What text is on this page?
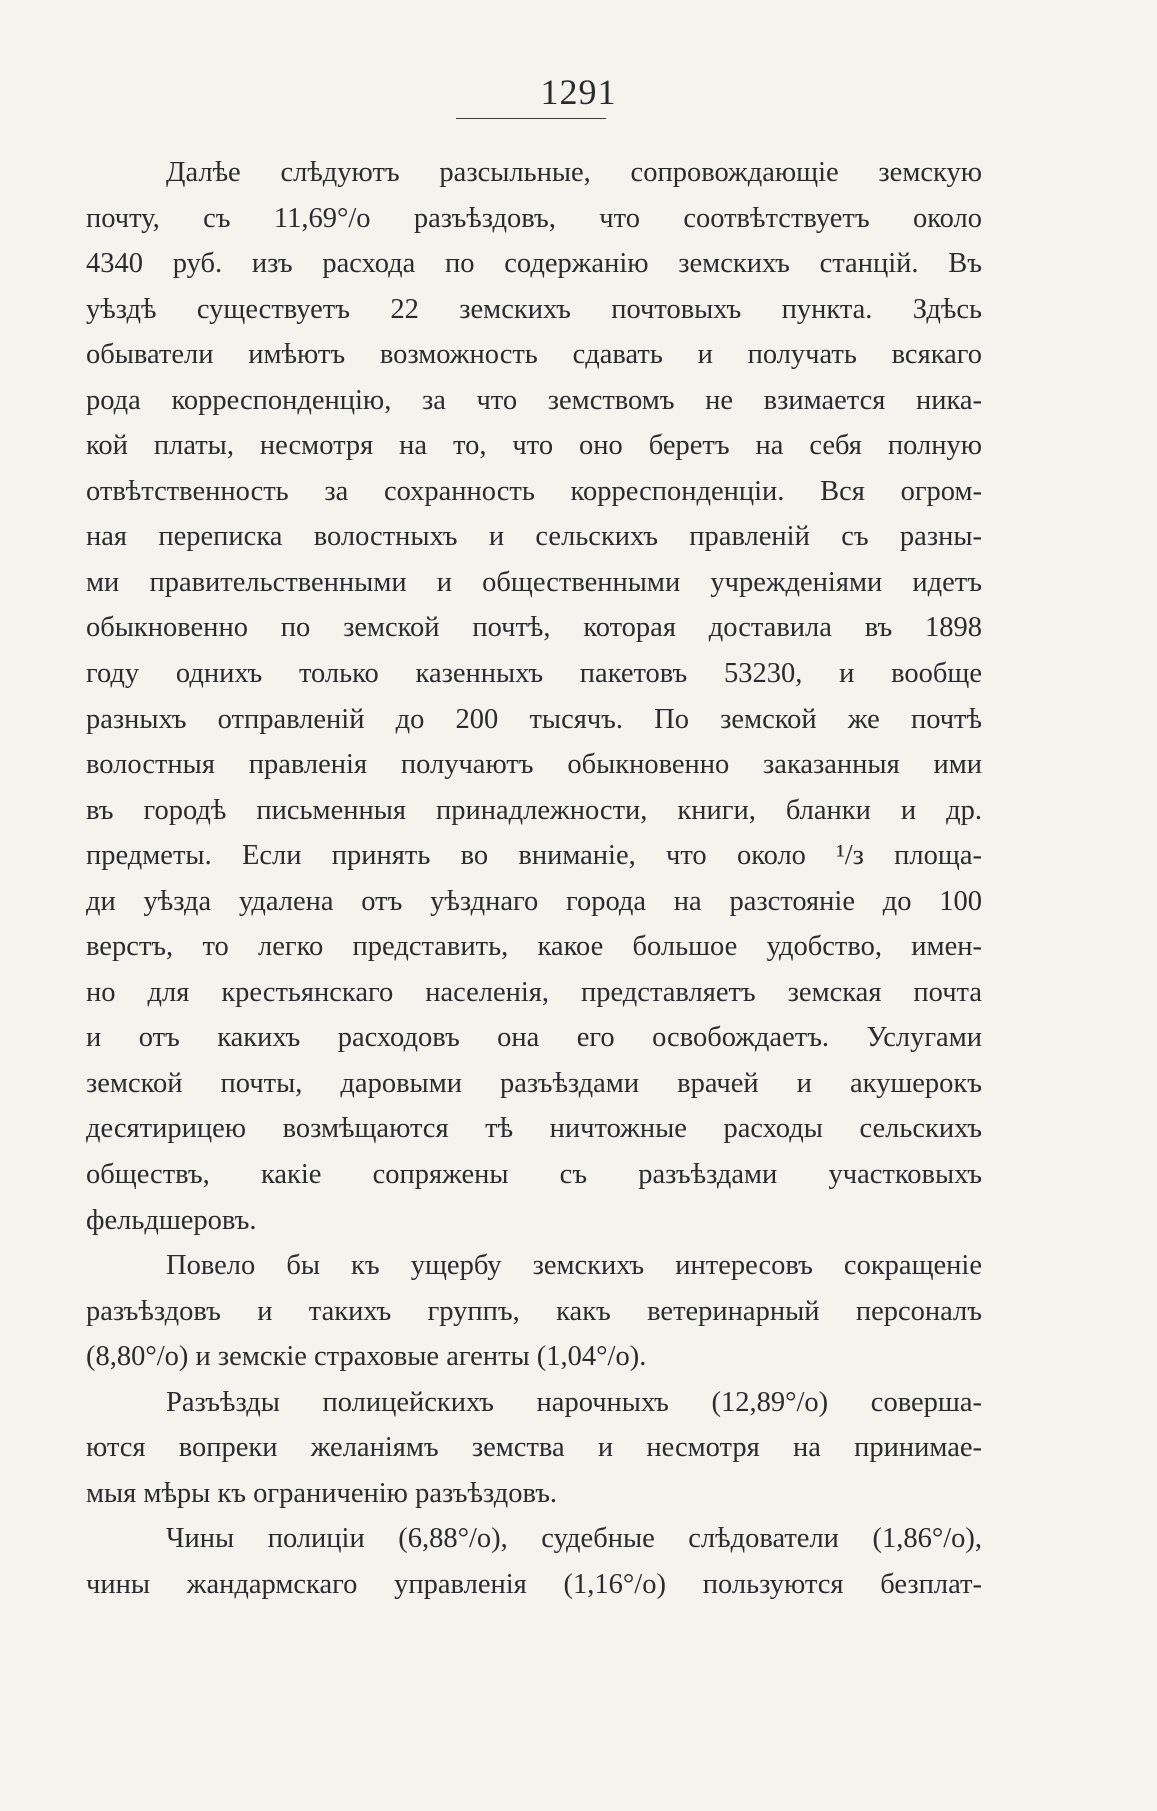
1291
Далѣе слѣдуютъ разсыльные, сопровождающіе земскую
почту, съ 11,69°/о разъѣздовъ, что соотвѣтствуетъ около
4340 руб. изъ расхода по содержанію земскихъ станцій. Въ
уѣздѣ существуетъ 22 земскихъ почтовыхъ пункта. Здѣсь
обыватели имѣютъ возможность сдавать и получать всякаго
рода корреспонденцію, за что земствомъ не взимается ника-
кой платы, несмотря на то, что оно беретъ на себя полную
отвѣтственность за сохранность корреспонденціи. Вся огром-
ная переписка волостныхъ и сельскихъ правленій съ разны-
ми правительственными и общественными учрежденіями идетъ
обыкновенно по земской почтѣ, которая доставила въ 1898
году однихъ только казенныхъ пакетовъ 53230, и вообще
разныхъ отправленій до 200 тысячъ. По земской же почтѣ
волостныя правленія получаютъ обыкновенно заказанныя ими
въ городѣ письменныя принадлежности, книги, бланки и др.
предметы. Если принять во вниманіе, что около ¹/з площа-
ди уѣзда удалена отъ уѣзднаго города на разстояніе до 100
верстъ, то легко представить, какое большое удобство, имен-
но для крестьянскаго населенія, представляетъ земская почта
и отъ какихъ расходовъ она его освобождаетъ. Услугами
земской почты, даровыми разъѣздами врачей и акушерокъ
десятирицею возмѣщаются тѣ ничтожные расходы сельскихъ
обществъ, какіе сопряжены съ разъѣздами участковыхъ
фельдшеровъ.
Повело бы къ ущербу земскихъ интересовъ сокращеніе
разъѣздовъ и такихъ группъ, какъ ветеринарный персоналъ
(8,80°/о) и земскіе страховые агенты (1,04°/о).
Разъѣзды полицейскихъ нарочныхъ (12,89°/о) соверша-
ются вопреки желаніямъ земства и несмотря на принимае-
мыя мѣры къ ограниченію разъѣздовъ.
Чины полиціи (6,88°/о), судебные слѣдователи (1,86°/о),
чины жандармскаго управленія (1,16°/о) пользуются безплат-
